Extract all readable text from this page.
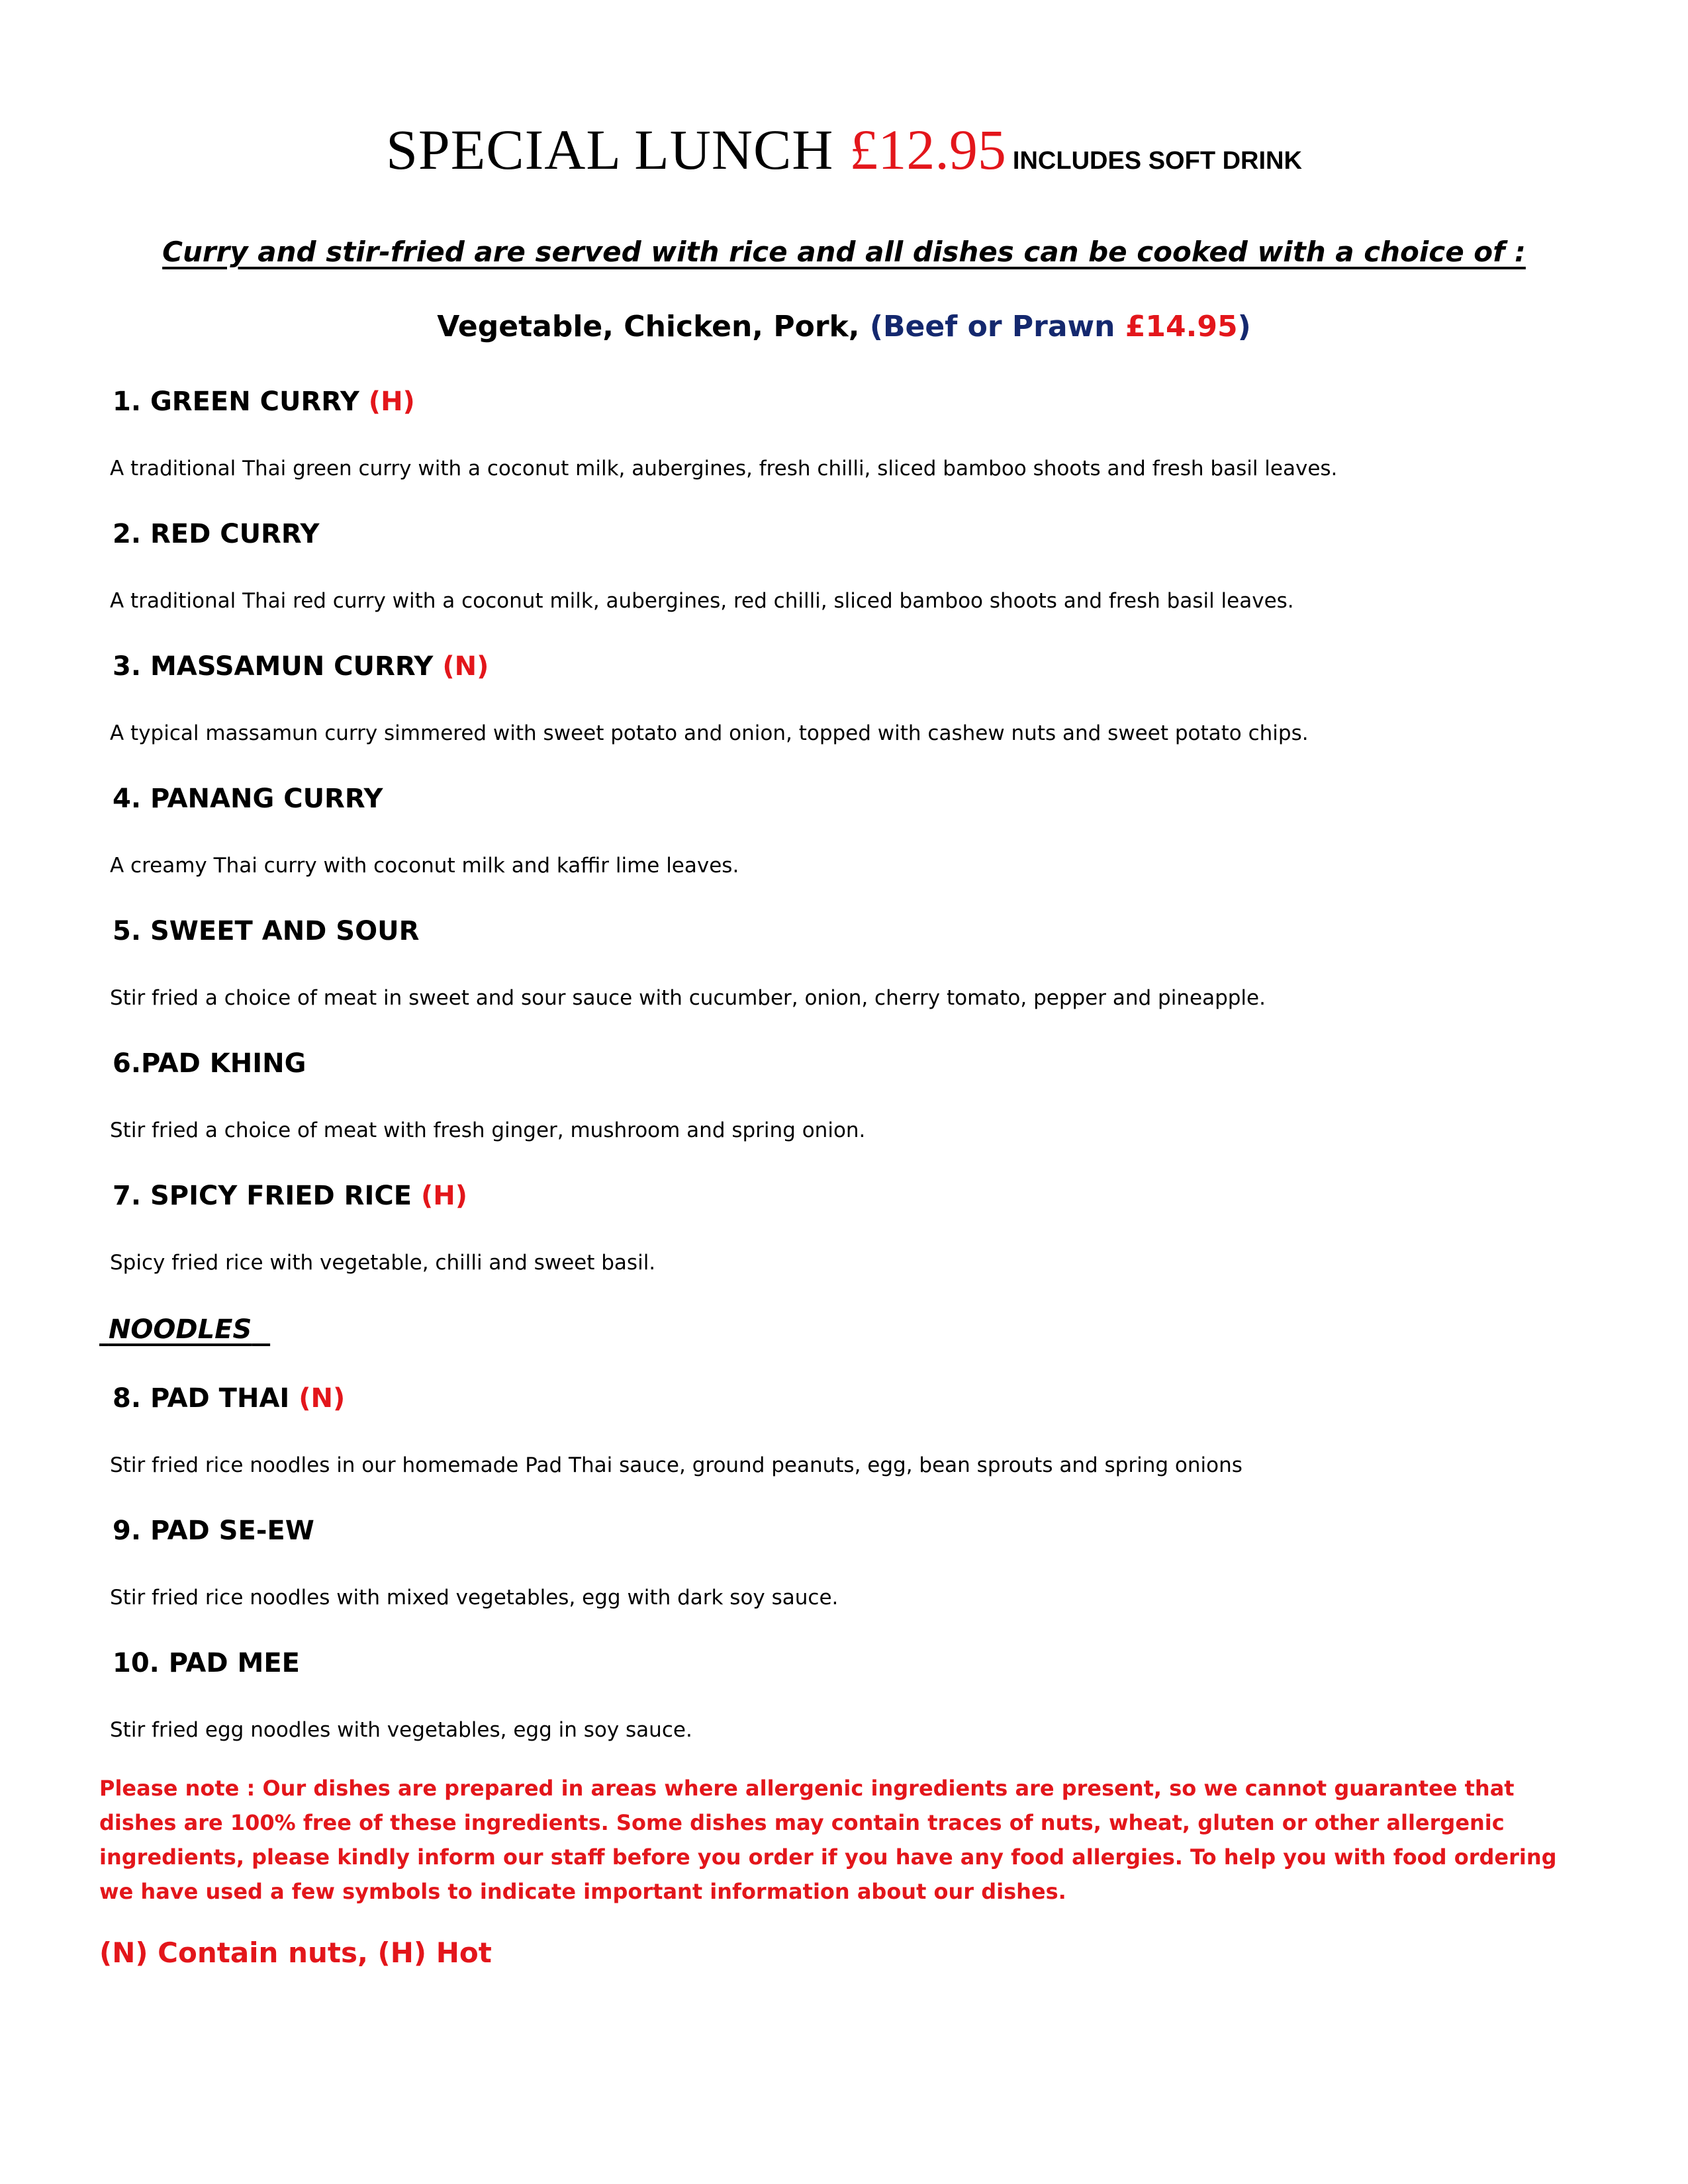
SPECIAL LUNCH £12.95 INCLUDES SOFT DRINK
Curry and stir-fried are served with rice and all dishes can be cooked with a choice of :
Vegetable, Chicken, Pork, (Beef or Prawn £14.95)
1. GREEN CURRY (H)
A traditional Thai green curry with a coconut milk, aubergines, fresh chilli, sliced bamboo shoots and fresh basil leaves.
2. RED CURRY
A traditional Thai red curry with a coconut milk, aubergines, red chilli, sliced bamboo shoots and fresh basil leaves.
3. MASSAMUN CURRY (N)
A typical massamun curry simmered with sweet potato and onion, topped with cashew nuts and sweet potato chips.
4. PANANG CURRY
A creamy Thai curry with coconut milk and kaffir lime leaves.
5. SWEET AND SOUR
Stir fried a choice of meat in sweet and sour sauce with cucumber, onion, cherry tomato, pepper and pineapple.
6.PAD KHING
Stir fried a choice of meat with fresh ginger, mushroom and spring onion.
7. SPICY FRIED RICE (H)
Spicy fried rice with vegetable, chilli and sweet basil.
NOODLES
8. PAD THAI (N)
Stir fried rice noodles in our homemade Pad Thai sauce, ground peanuts, egg, bean sprouts and spring onions
9. PAD SE-EW
Stir fried rice noodles with mixed vegetables, egg with dark soy sauce.
10. PAD MEE
Stir fried egg noodles with vegetables, egg in soy sauce.
Please note : Our dishes are prepared in areas where allergenic ingredients are present, so we cannot guarantee that dishes are 100% free of these ingredients. Some dishes may contain traces of nuts, wheat, gluten or other allergenic ingredients, please kindly inform our staff before you order if you have any food allergies. To help you with food ordering we have used a few symbols to indicate important information about our dishes.
(N) Contain nuts, (H) Hot
